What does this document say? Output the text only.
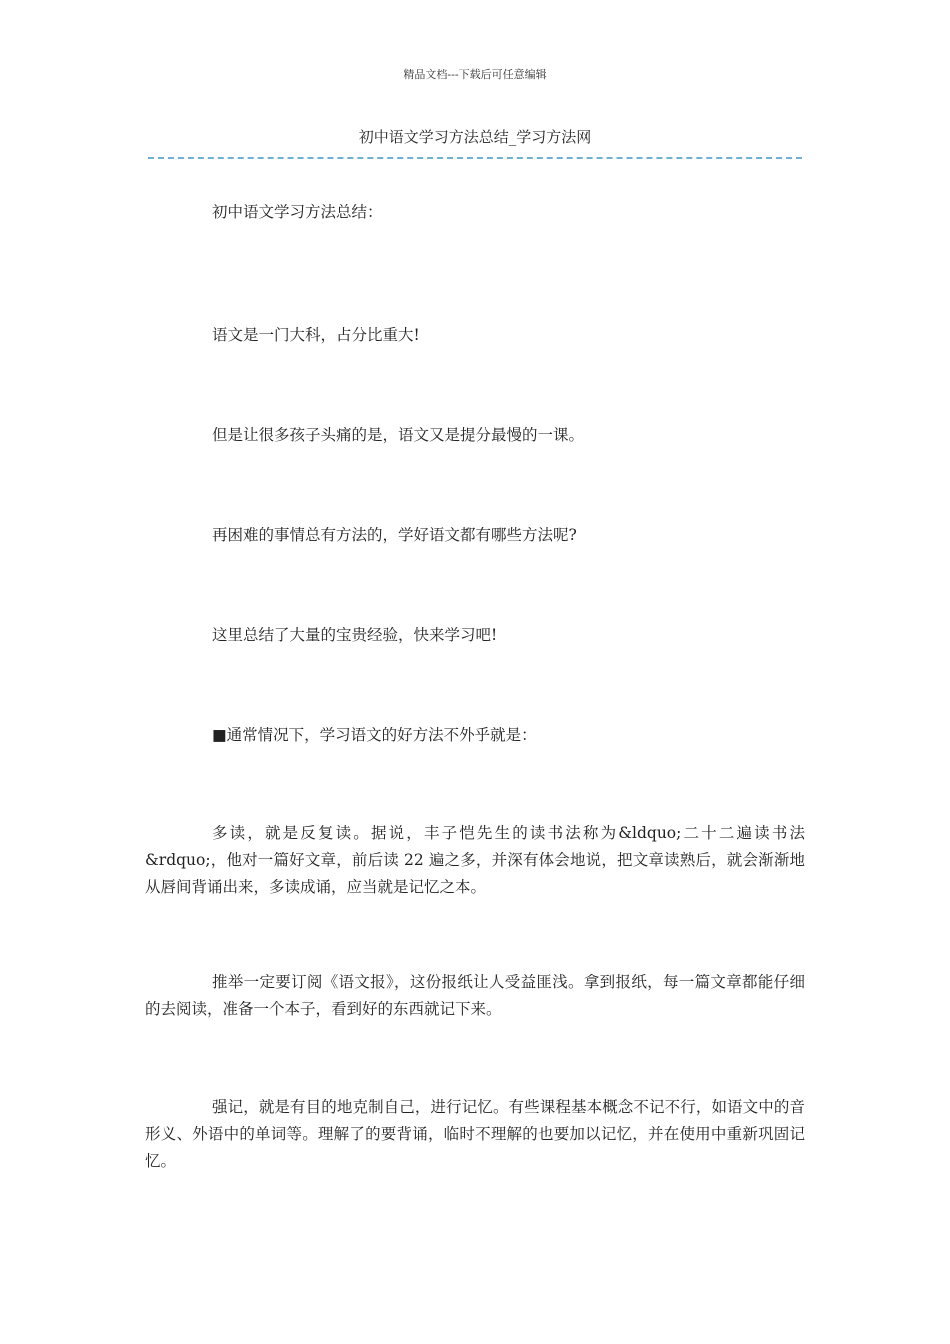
精品文档---下载后可任意编辑
初中语文学习方法总结_学习方法网

初中语文学习方法总结：

语文是一门大科，占分比重大!

但是让很多孩子头痛的是，语文又是提分最慢的一课。

再困难的事情总有方法的，学好语文都有哪些方法呢?

这里总结了大量的宝贵经验，快来学习吧!

■通常情况下，学习语文的好方法不外乎就是：

多读，就是反复读。据说，丰子恺先生的读书法称为&ldquo;二十二遍读书法&rdquo;，他对一篇好文章，前后读 22 遍之多，并深有体会地说，把文章读熟后，就会渐渐地从唇间背诵出来，多读成诵，应当就是记忆之本。

推举一定要订阅《语文报》，这份报纸让人受益匪浅。拿到报纸，每一篇文章都能仔细的去阅读，准备一个本子，看到好的东西就记下来。

强记，就是有目的地克制自己，进行记忆。有些课程基本概念不记不行，如语文中的音形义、外语中的单词等。理解了的要背诵，临时不理解的也要加以记忆，并在使用中重新巩固记忆。
